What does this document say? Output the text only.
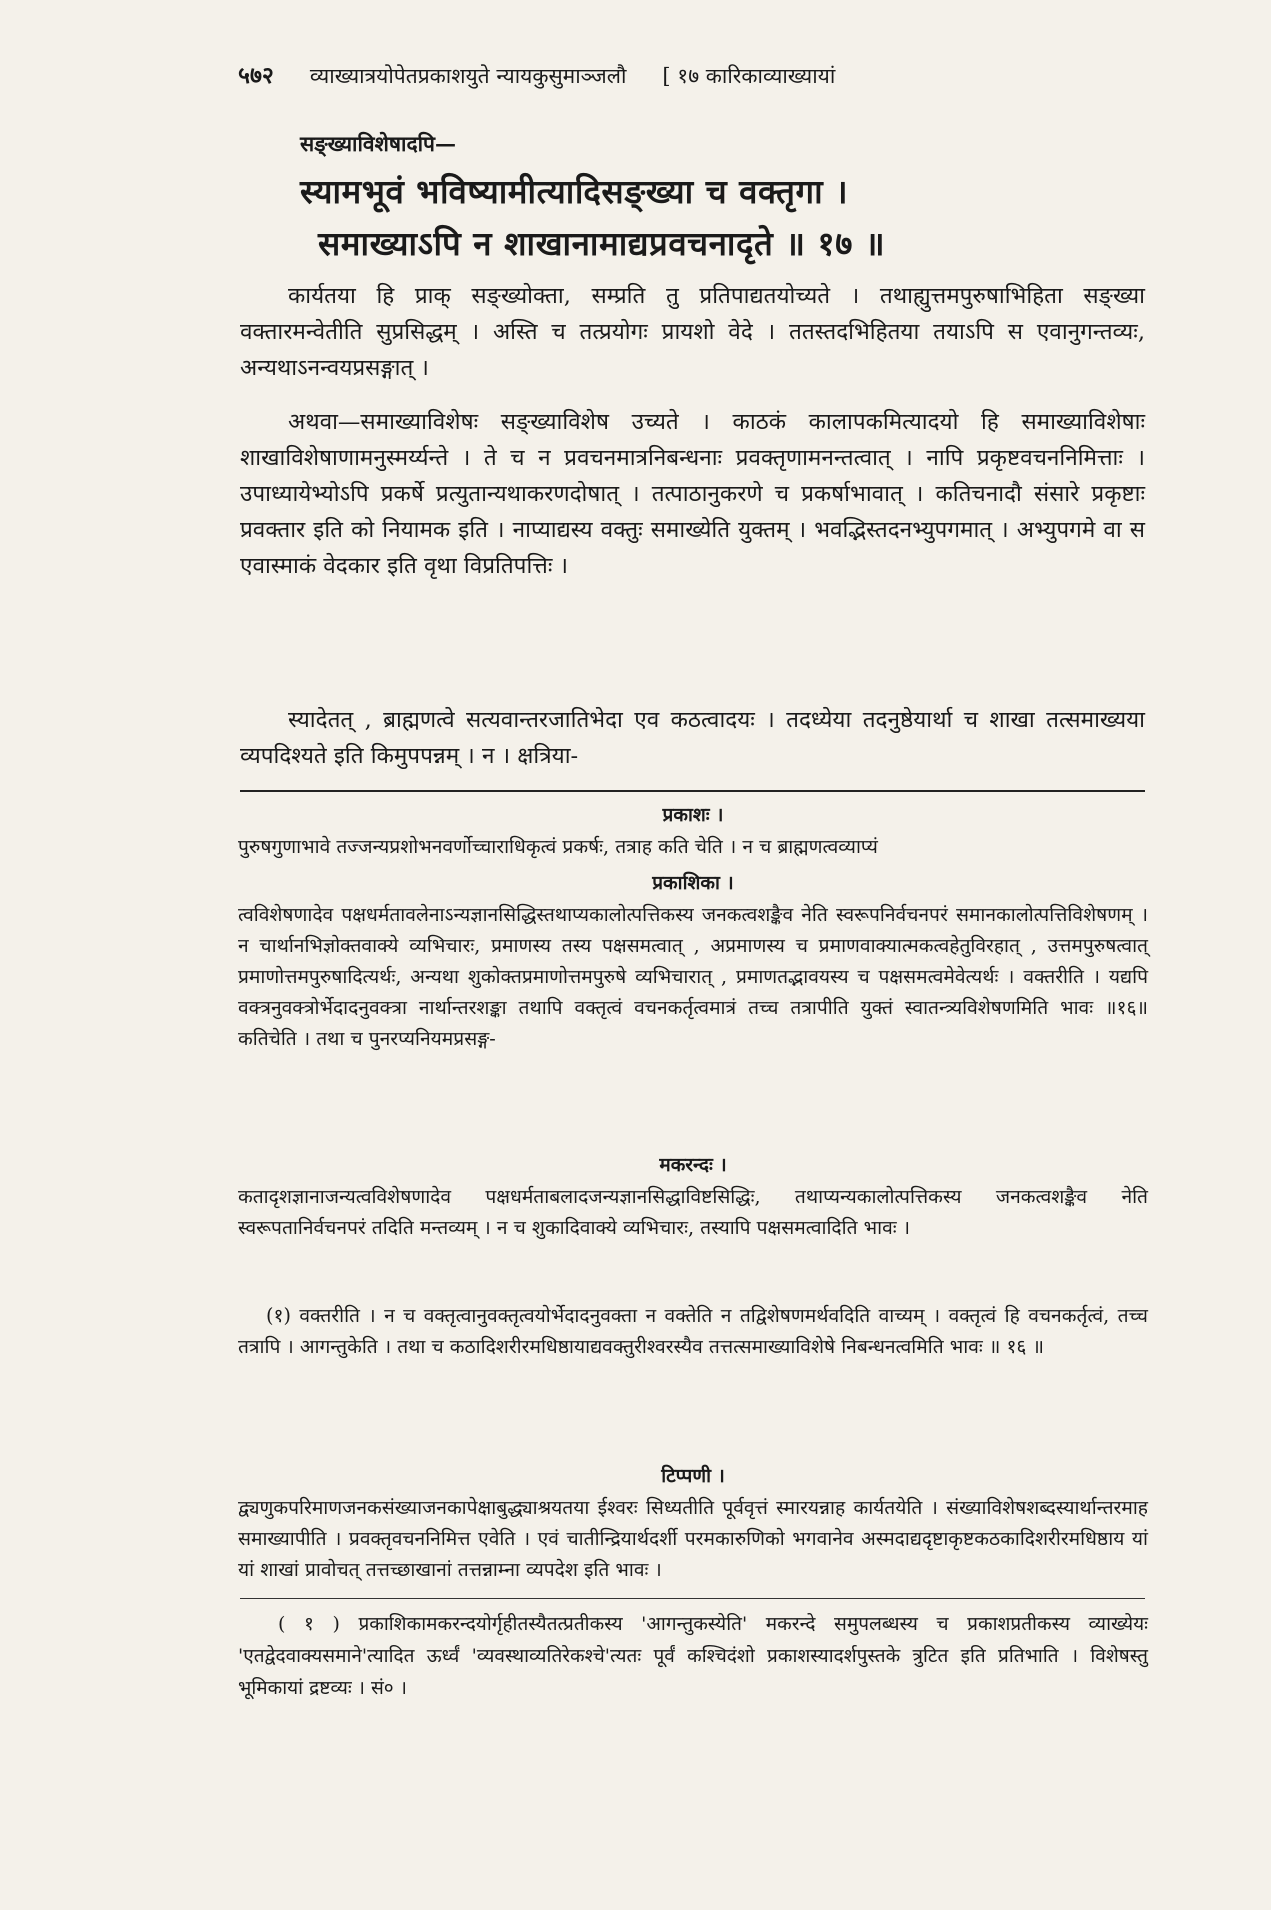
५७२ व्याख्यात्रयोपेतप्रकाशयुते न्यायकुसुमाञ्जलौ [ १७ कारिकाव्याख्यायां
सङ्ख्याविशेषादपि—
स्यामभूवं भविष्यामीत्यादिसङ्ख्या च वक्तृगा ।
समाख्याऽपि न शाखानामाद्यप्रवचनादृते ॥ १७ ॥

कार्यतया हि प्राक् सङ्ख्योक्ता, सम्प्रति तु प्रतिपाद्यतयोच्यते । तथाह्युत्तमपुरुषाभिहिता सङ्ख्या वक्तारमन्वेतीति सुप्रसिद्धम् । अस्ति च तत्प्रयोगः प्रायशो वेदे । ततस्तदभिहितया तयाऽपि स एवानुगन्तव्यः, अन्यथाऽनन्वयप्रसङ्गात् ।

अथवा—समाख्याविशेषः सङ्ख्याविशेष उच्यते । काठकं कालापकमित्यादयो हि समाख्याविशेषाः शाखाविशेषाणामनुस्मर्य्यन्ते । ते च न प्रवचनमात्रनिबन्धनाः प्रवक्तृणामनन्तत्वात् । नापि प्रकृष्टवचननिमित्ताः । उपाध्यायेभ्योऽपि प्रकर्षे प्रत्युतान्यथाकरणदोषात् । तत्पाठानुकरणे च प्रकर्षाभावात् । कतिचनादौ संसारे प्रकृष्टाः प्रवक्तार इति को नियामक इति । नाप्याद्यस्य वक्तुः समाख्येति युक्तम् । भवद्भिस्तदनभ्युपगमात् । अभ्युपगमे वा स एवास्माकं वेदकार इति वृथा विप्रतिपत्तिः ।

स्यादेतत् , ब्राह्मणत्वे सत्यवान्तरजातिभेदा एव कठत्वादयः । तदध्येया तदनुष्ठेयार्था च शाखा तत्समाख्यया व्यपदिश्यते इति किमुपपन्नम् । न । क्षत्रिया-

प्रकाशः ।

पुरुषगुणाभावे तज्जन्यप्रशोभनवर्णोच्चाराधिकृत्वं प्रकर्षः, तत्राह कति चेति । न च ब्राह्मणत्वव्याप्यं

प्रकाशिका ।

त्वविशेषणादेव पक्षधर्मतावलेनाऽन्यज्ञानसिद्धिस्तथाप्यकालोत्पत्तिकस्य जनकत्वशङ्कैव नेति स्वरूपनिर्वचनपरं समानकालोत्पत्तिविशेषणम् । न चार्थानभिज्ञोक्तवाक्ये व्यभिचारः, प्रमाणस्य तस्य पक्षसमत्वात् , अप्रमाणस्य च प्रमाणवाक्यात्मकत्वहेतुविरहात् , उत्तमपुरुषत्वात् प्रमाणोत्तमपुरुषादित्यर्थः, अन्यथा शुकोक्तप्रमाणोत्तमपुरुषे व्यभिचारात् , प्रमाणतद्भावयस्य च पक्षसमत्वमेवेत्यर्थः । वक्तरीति । यद्यपि वक्त्रनुवक्त्रोर्भेदादनुवक्त्रा नार्थान्तरशङ्का तथापि वक्तृत्वं वचनकर्तृत्वमात्रं तच्च तत्रापीति युक्तं स्वातन्त्र्यविशेषणमिति भावः ॥१६॥ कतिचेति । तथा च पुनरप्यनियमप्रसङ्ग-

मकरन्दः ।

कतादृशज्ञानाजन्यत्वविशेषणादेव पक्षधर्मताबलादजन्यज्ञानसिद्धाविष्टसिद्धिः, तथाप्यन्यकालोत्पत्तिकस्य जनकत्वशङ्कैव नेति स्वरूपतानिर्वचनपरं तदिति मन्तव्यम् । न च शुकादिवाक्ये व्यभिचारः, तस्यापि पक्षसमत्वादिति भावः ।

(१) वक्तरीति । न च वक्तृत्वानुवक्तृत्वयोर्भेदादनुवक्ता न वक्तेति न तद्विशेषणमर्थवदिति वाच्यम् । वक्तृत्वं हि वचनकर्तृत्वं, तच्च तत्रापि । आगन्तुकेति । तथा च कठादिशरीरमधिष्ठायाद्यवक्तुरीश्वरस्यैव तत्तत्समाख्याविशेषे निबन्धनत्वमिति भावः ॥ १६ ॥

टिप्पणी ।

द्व्यणुकपरिमाणजनकसंख्याजनकापेक्षाबुद्ध्याश्रयतया ईश्वरः सिध्यतीति पूर्ववृत्तं स्मारयन्नाह कार्यतयेति । संख्याविशेषशब्दस्यार्थान्तरमाह समाख्यापीति । प्रवक्तृवचननिमित्त एवेति । एवं चातीन्द्रियार्थदर्शी परमकारुणिको भगवानेव अस्मदाद्यदृष्टाकृष्टकठकादिशरीरमधिष्ठाय यां यां शाखां प्रावोचत् तत्तच्छाखानां तत्तन्नाम्ना व्यपदेश इति भावः ।

( १ ) प्रकाशिकामकरन्दयोर्गृहीतस्यैतत्प्रतीकस्य 'आगन्तुकस्येति' मकरन्दे समुपलब्धस्य च प्रकाशप्रतीकस्य व्याख्येयः 'एतद्वेदवाक्यसमाने'त्यादित ऊर्ध्वं 'व्यवस्थाव्यतिरेकश्चे'त्यतः पूर्वं कश्चिदंशो प्रकाशस्यादर्शपुस्तके त्रुटित इति प्रतिभाति । विशेषस्तु भूमिकायां द्रष्टव्यः । सं० ।
